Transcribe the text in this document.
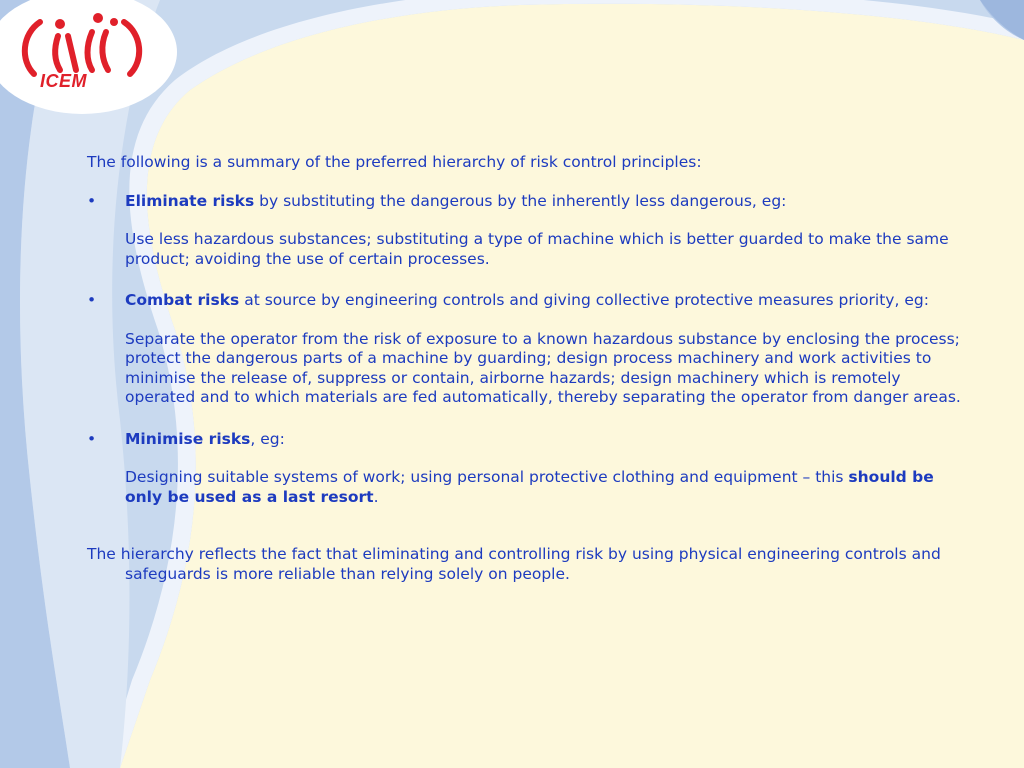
ICEM

The following is a summary of the preferred hierarchy of risk control principles:

•	Eliminate risks by substituting the dangerous by the inherently less dangerous, eg:

Use less hazardous substances; substituting a type of machine which is better guarded to make the same product; avoiding the use of certain processes.

•	Combat risks at source by engineering controls and giving collective protective measures priority, eg:

Separate the operator from the risk of exposure to a known hazardous substance by enclosing the process; protect the dangerous parts of a machine by guarding; design process machinery and work activities to minimise the release of, suppress or contain, airborne hazards; design machinery which is remotely operated and to which materials are fed automatically, thereby separating the operator from danger areas.

•	Minimise risks, eg:

Designing suitable systems of work; using personal protective clothing and equipment – this should be only be used as a last resort.

The hierarchy reflects the fact that eliminating and controlling risk by using physical engineering controls and safeguards is more reliable than relying solely on people.
